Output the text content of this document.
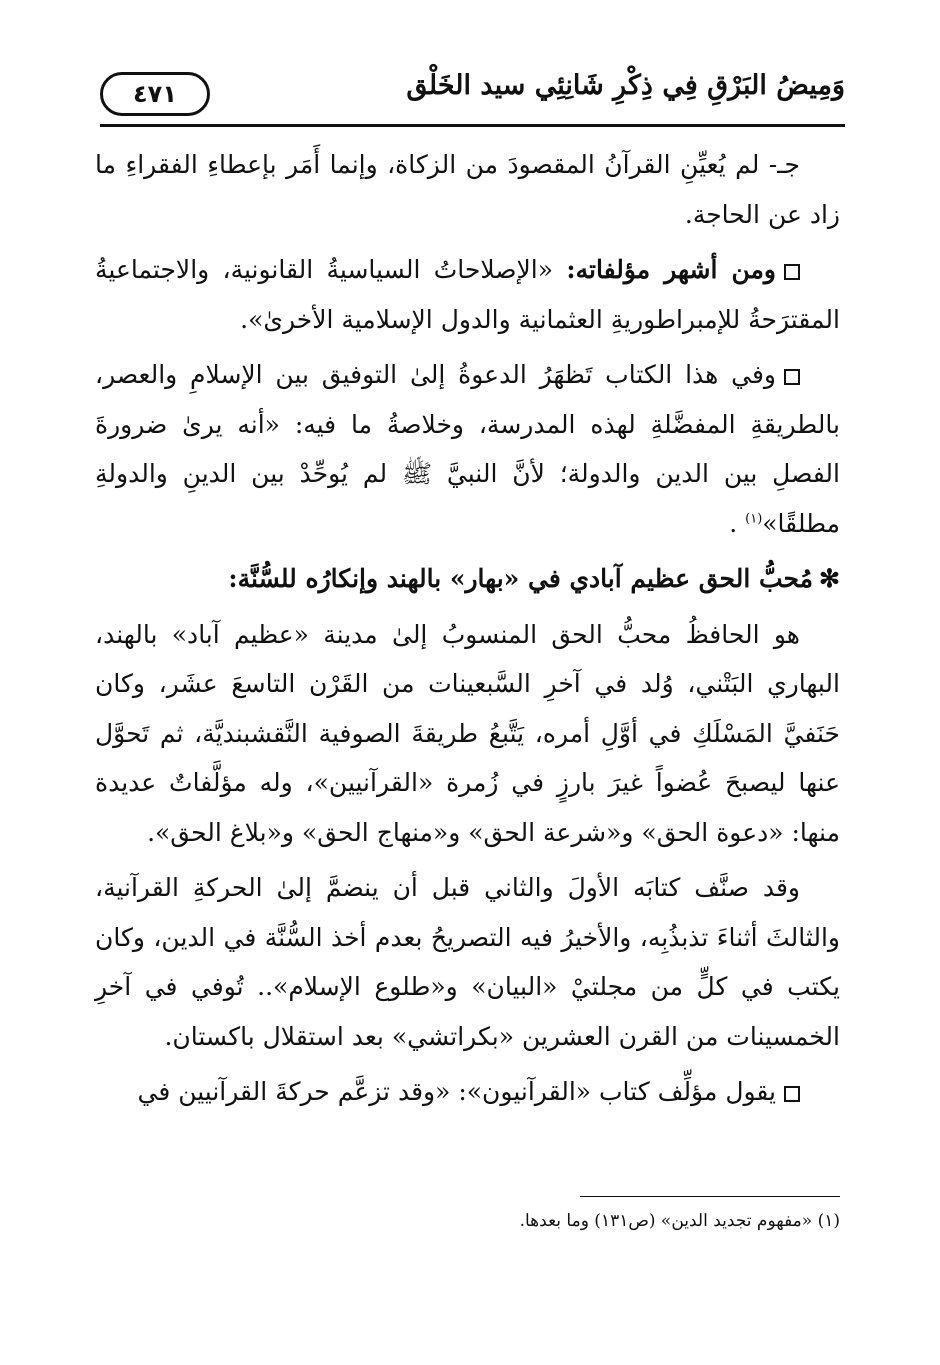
٤٧١	وَمِيضُ البَرْقِ فِي ذِكْرِ شَانِئِي سيد الخَلْق

جـ- لم يُعيِّنِ القرآنُ المقصودَ من الزكاة، وإنما أَمَر بإعطاءِ الفقراءِ ما زاد عن الحاجة.

ومن أشهر مؤلفاته: «الإصلاحاتُ السياسيةُ القانونية، والاجتماعيةُ المقترَحةُ للإمبراطوريةِ العثمانية والدول الإسلامية الأخرىٰ».

وفي هذا الكتاب تَظهَرُ الدعوةُ إلىٰ التوفيق بين الإسلامِ والعصر، بالطريقةِ المفضَّلةِ لهذه المدرسة، وخلاصةُ ما فيه: «أنه يرىٰ ضرورةَ الفصلِ بين الدين والدولة؛ لأنَّ النبيَّ ﷺ لم يُوحِّدْ بين الدينِ والدولةِ مطلقًا»$^{(١)}$ .

✻مُحبُّ الحق عظيم آبادي في «بهار» بالهند وإنكارُه للسُّنَّة:

هو الحافظُ محبُّ الحق المنسوبُ إلىٰ مدينة «عظيم آباد» بالهند، البهاري البَتْني، وُلد في آخرِ السَّبعينات من القَرْن التاسعَ عشَر، وكان حَنَفيَّ المَسْلَكِ في أوَّلِ أمره، يَتَّبعُ طريقةَ الصوفية النَّقشبنديَّة، ثم تَحوَّل عنها ليصبحَ عُضواً غيرَ بارزٍ في زُمرة «القرآنيين»، وله مؤلَّفاتٌ عديدة منها: «دعوة الحق» و«شرعة الحق» و«منهاج الحق» و«بلاغ الحق».

وقد صنَّف كتابَه الأولَ والثاني قبل أن ينضمَّ إلىٰ الحركةِ القرآنية، والثالثَ أثناءَ تذبذُبِه، والأخيرُ فيه التصريحُ بعدم أخذ السُّنَّة في الدين، وكان يكتب في كلٍّ من مجلتيْ «البيان» و«طلوع الإسلام».. تُوفي في آخرِ الخمسينات من القرن العشرين «بكراتشي» بعد استقلال باكستان.

يقول مؤلِّف كتاب «القرآنيون»: «وقد تزعَّم حركةَ القرآنيين في

(١) «مفهوم تجديد الدين» (ص١٣١) وما بعدها.
